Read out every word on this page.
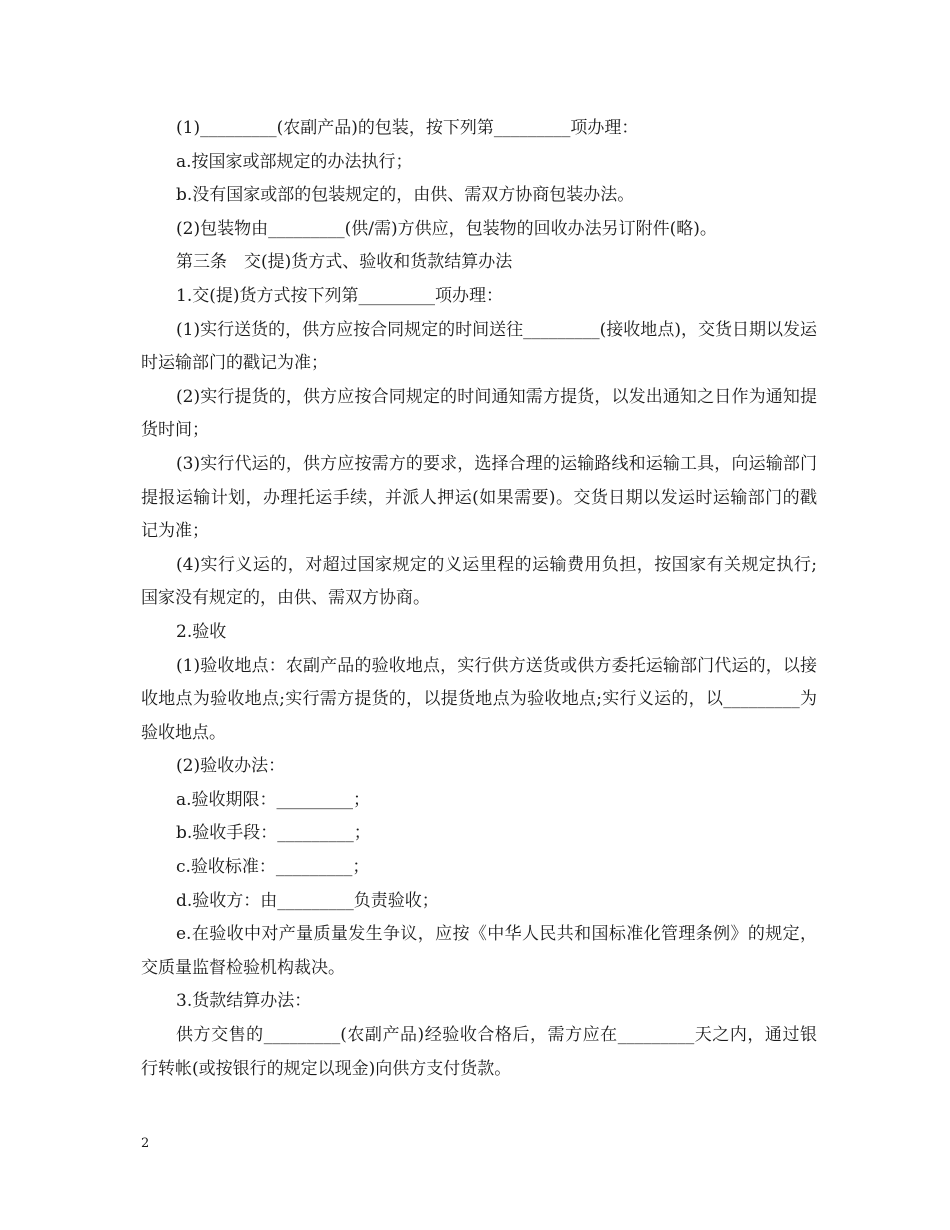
(1)_________(农副产品)的包装，按下列第_________项办理：

a.按国家或部规定的办法执行；

b.没有国家或部的包装规定的，由供、需双方协商包装办法。

(2)包装物由_________(供/需)方供应，包装物的回收办法另订附件(略)。

第三条　交(提)货方式、验收和货款结算办法

1.交(提)货方式按下列第_________项办理：

(1)实行送货的，供方应按合同规定的时间送往_________(接收地点)，交货日期以发运时运输部门的戳记为准；

(2)实行提货的，供方应按合同规定的时间通知需方提货，以发出通知之日作为通知提货时间；

(3)实行代运的，供方应按需方的要求，选择合理的运输路线和运输工具，向运输部门提报运输计划，办理托运手续，并派人押运(如果需要)。交货日期以发运时运输部门的戳记为准；

(4)实行义运的，对超过国家规定的义运里程的运输费用负担，按国家有关规定执行;国家没有规定的，由供、需双方协商。

2.验收

(1)验收地点：农副产品的验收地点，实行供方送货或供方委托运输部门代运的，以接收地点为验收地点;实行需方提货的，以提货地点为验收地点;实行义运的，以_________为验收地点。

(2)验收办法：

a.验收期限：_________；

b.验收手段：_________；

c.验收标准：_________；

d.验收方：由_________负责验收；

e.在验收中对产量质量发生争议，应按《中华人民共和国标准化管理条例》的规定，交质量监督检验机构裁决。

3.货款结算办法：

供方交售的_________(农副产品)经验收合格后，需方应在_________天之内，通过银行转帐(或按银行的规定以现金)向供方支付货款。

2
